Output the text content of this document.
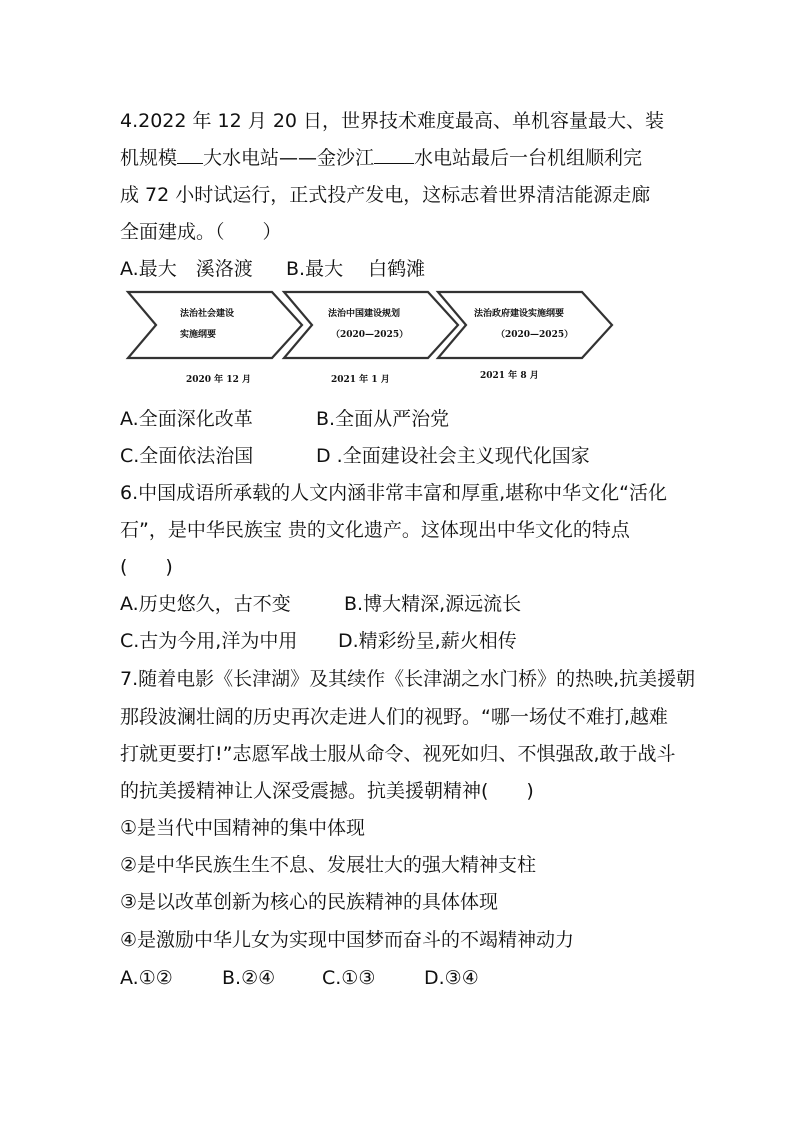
4.2022 年 12 月 20 日，世界技术难度最高、单机容量最大、装
机规模 大水电站——金沙江 水电站最后一台机组顺利完
成 72 小时试运行，正式投产发电，这标志着世界清洁能源走廊
全面建成。（　　）
A.最大　溪洛渡 B.最大　 白鹤滩
法治社会建设
实施纲要
2020 年 12 月
法治中国建设规划
（2020—2025）
2021 年 1 月
法治政府建设实施纲要
（2020—2025）
2021 年 8 月
A.全面深化改革	B.全面从严治党
C.全面依法治国	D .全面建设社会主义现代化国家
6.中国成语所承载的人文内涵非常丰富和厚重,堪称中华文化“活化
石”，是中华民族宝 贵的文化遗产。这体现出中华文化的特点
(　　)
A.历史悠久，古不变	B.博大精深,源远流长
C.古为今用,洋为中用 D.精彩纷呈,薪火相传
7.随着电影《长津湖》及其续作《长津湖之水门桥》的热映,抗美援朝
那段波澜壮阔的历史再次走进人们的视野。“哪一场仗不难打,越难
打就更要打!”志愿军战士服从命令、视死如归、不惧强敌,敢于战斗
的抗美援精神让人深受震撼。抗美援朝精神(　　)
①是当代中国精神的集中体现
②是中华民族生生不息、发展壮大的强大精神支柱
③是以改革创新为核心的民族精神的具体体现
④是激励中华儿女为实现中国梦而奋斗的不竭精神动力
A.①②	B.②④ C.①③	D.③④
